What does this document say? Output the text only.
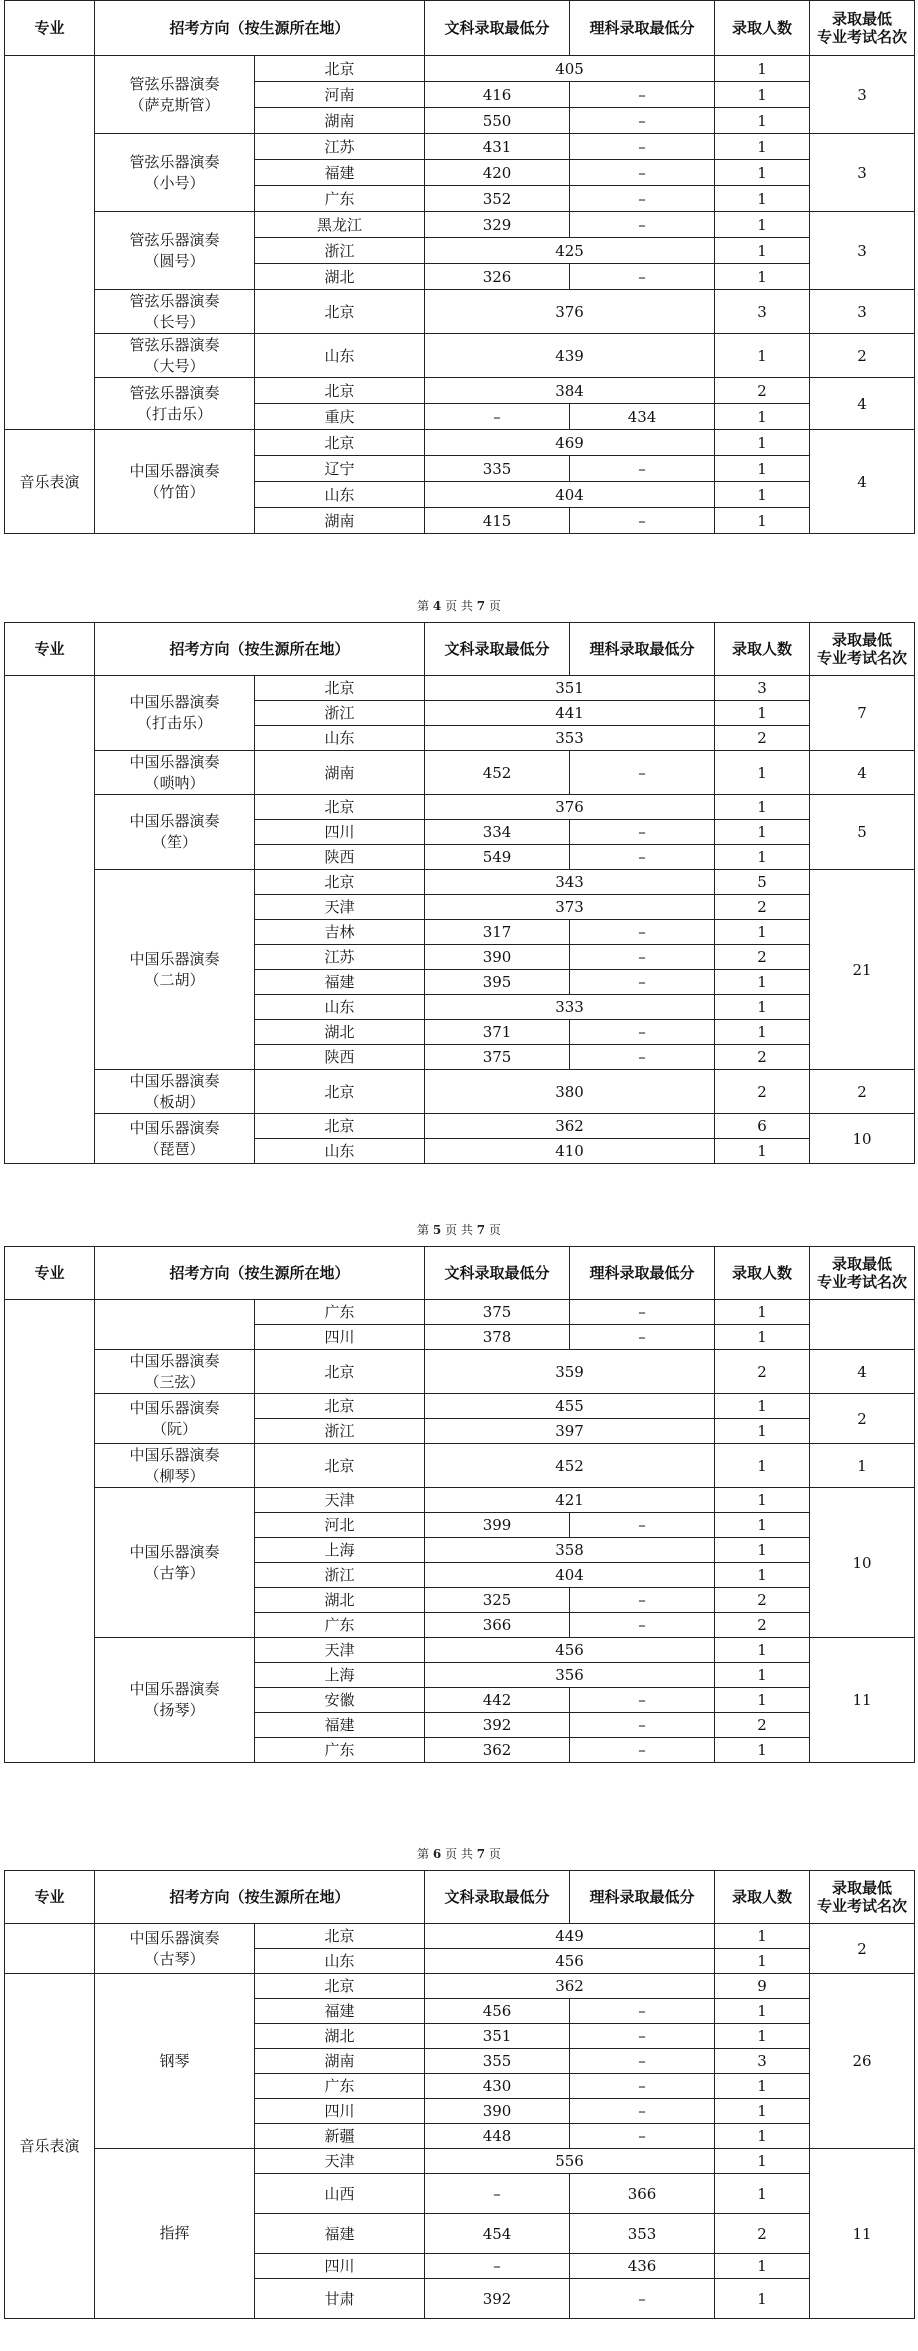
专业	招考方向（按生源所在地）		文科录取最低分	理科录取最低分	录取人数	录取最低
专业考试名次
	管弦乐器演奏
（萨克斯管）	北京	405		1	3
		河南	416	–	1	
		湖南	550	–	1	
	管弦乐器演奏
（小号）	江苏	431	–	1	3
		福建	420	–	1	
		广东	352	–	1	
	管弦乐器演奏
（圆号）	黑龙江	329	–	1	3
		浙江	425		1	
		湖北	326	–	1	
	管弦乐器演奏
（长号）	北京	376		3	3
	管弦乐器演奏
（大号）	山东	439		1	2
	管弦乐器演奏
（打击乐）	北京	384		2	4
		重庆	–	434	1	
音乐表演	中国乐器演奏
（竹笛）	北京	469		1	4
		辽宁	335	–	1	
		山东	404		1	
		湖南	415	–	1	
专业	招考方向（按生源所在地）		文科录取最低分	理科录取最低分	录取人数	录取最低
专业考试名次
	中国乐器演奏
（打击乐）	北京	351		3	7
		浙江	441		1	
		山东	353		2	
	中国乐器演奏
（唢呐）	湖南	452	–	1	4
	中国乐器演奏
（笙）	北京	376		1	5
		四川	334	–	1	
		陕西	549	–	1	
	中国乐器演奏
（二胡）	北京	343		5	21
		天津	373		2	
		吉林	317	–	1	
		江苏	390	–	2	
		福建	395	–	1	
		山东	333		1	
		湖北	371	–	1	
		陕西	375	–	2	
	中国乐器演奏
（板胡）	北京	380		2	2
	中国乐器演奏
（琵琶）	北京	362		6	10
		山东	410		1	
专业	招考方向（按生源所在地）		文科录取最低分	理科录取最低分	录取人数	录取最低
专业考试名次
		广东	375	–	1	
		四川	378	–	1	
	中国乐器演奏
（三弦）	北京	359		2	4
	中国乐器演奏
（阮）	北京	455		1	2
		浙江	397		1	
	中国乐器演奏
（柳琴）	北京	452		1	1
	中国乐器演奏
（古筝）	天津	421		1	10
		河北	399	–	1	
		上海	358		1	
		浙江	404		1	
		湖北	325	–	2	
		广东	366	–	2	
	中国乐器演奏
（扬琴）	天津	456		1	11
		上海	356		1	
		安徽	442	–	1	
		福建	392	–	2	
		广东	362	–	1	
专业	招考方向（按生源所在地）		文科录取最低分	理科录取最低分	录取人数	录取最低
专业考试名次
	中国乐器演奏
（古琴）	北京	449		1	2
		山东	456		1	
音乐表演	钢琴	北京	362		9	26
		福建	456	–	1	
		湖北	351	–	1	
		湖南	355	–	3	
		广东	430	–	1	
		四川	390	–	1	
		新疆	448	–	1	
	指挥	天津	556		1	11
		山西	–	366	1	
		福建	454	353	2	
		四川	–	436	1	
		甘肃	392	–	1	
第 4 页 共 7 页
第 5 页 共 7 页
第 6 页 共 7 页
